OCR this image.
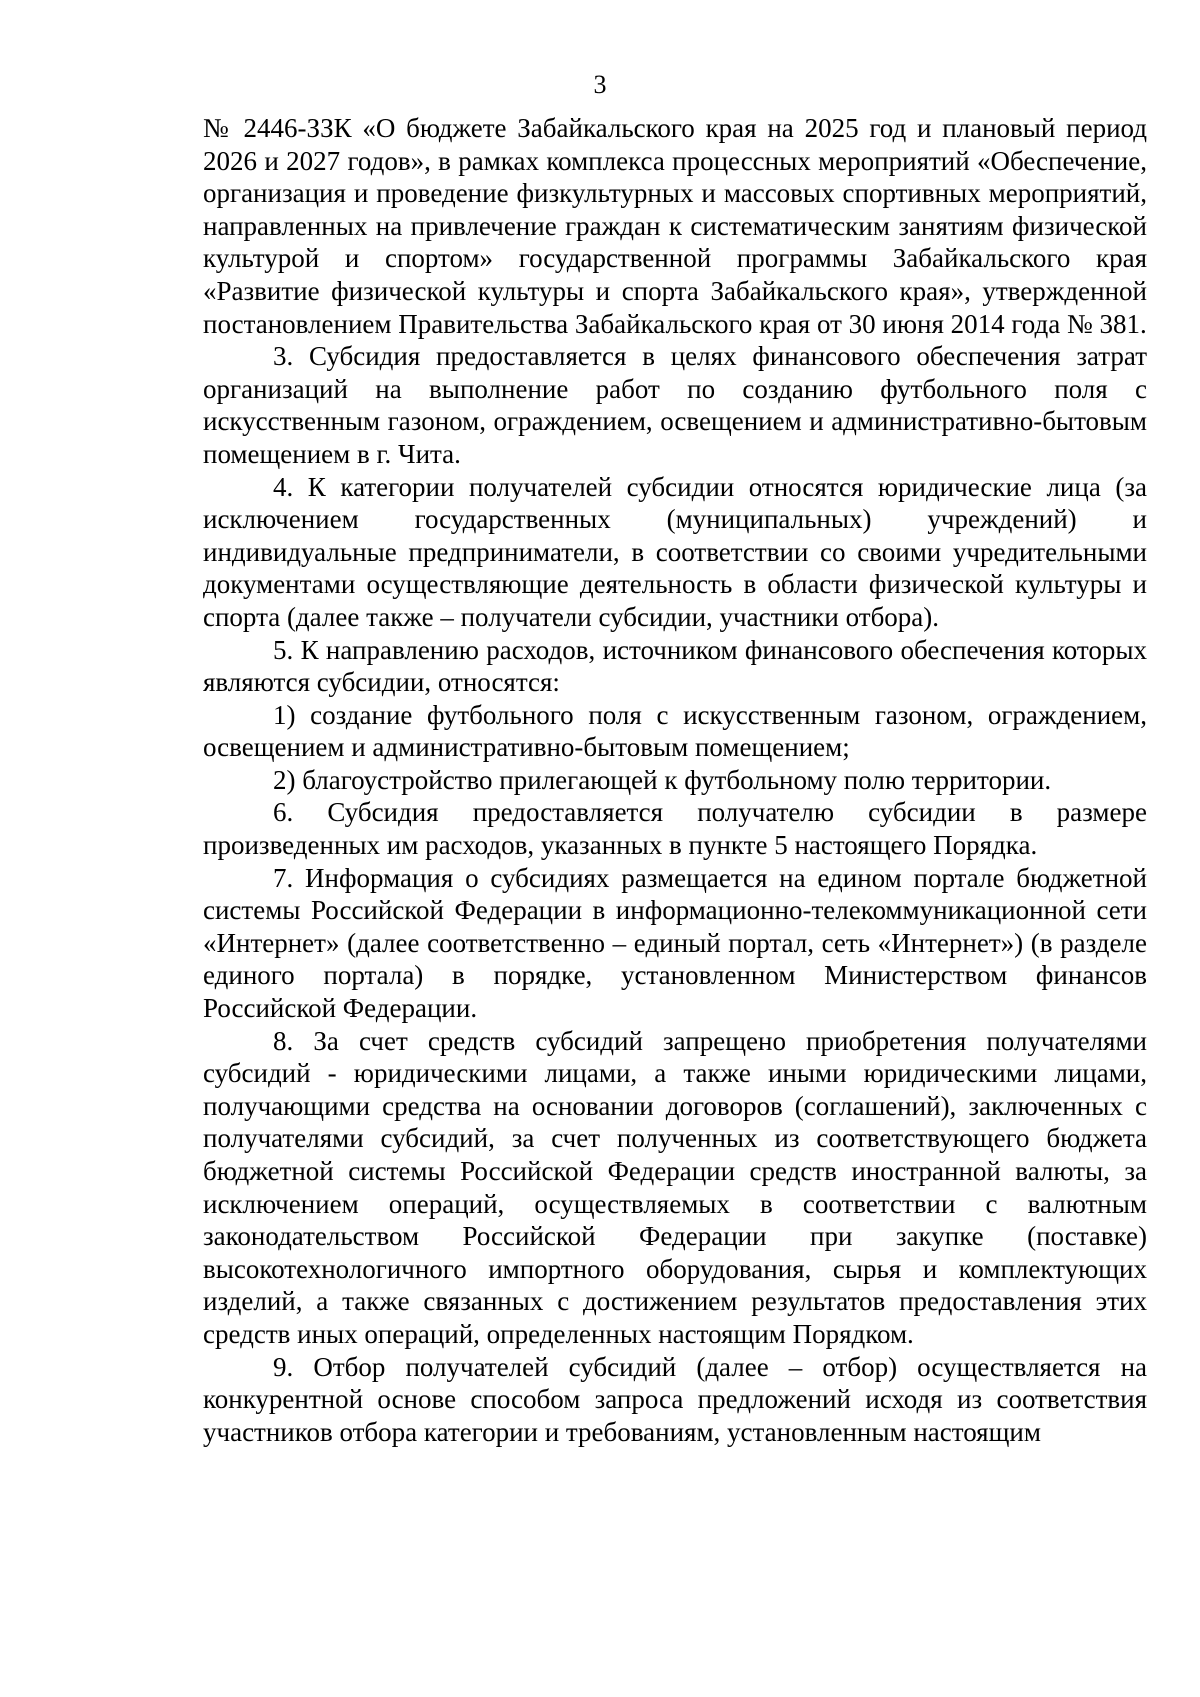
3

№ 2446-ЗЗК «О бюджете Забайкальского края на 2025 год и плановый период 2026 и 2027 годов», в рамках комплекса процессных мероприятий «Обеспечение, организация и проведение физкультурных и массовых спортивных мероприятий, направленных на привлечение граждан к систематическим занятиям физической культурой и спортом» государственной программы Забайкальского края «Развитие физической культуры и спорта Забайкальского края», утвержденной постановлением Правительства Забайкальского края от 30 июня 2014 года № 381.

3. Субсидия предоставляется в целях финансового обеспечения затрат организаций на выполнение работ по созданию футбольного поля с искусственным газоном, ограждением, освещением и административно-бытовым помещением в г. Чита.

4. К категории получателей субсидии относятся юридические лица (за исключением государственных (муниципальных) учреждений) и индивидуальные предприниматели, в соответствии со своими учредительными документами осуществляющие деятельность в области физической культуры и спорта (далее также – получатели субсидии, участники отбора).

5. К направлению расходов, источником финансового обеспечения которых являются субсидии, относятся:

1) создание футбольного поля с искусственным газоном, ограждением, освещением и административно-бытовым помещением;

2) благоустройство прилегающей к футбольному полю территории.

6. Субсидия предоставляется получателю субсидии в размере произведенных им расходов, указанных в пункте 5 настоящего Порядка.

7. Информация о субсидиях размещается на едином портале бюджетной системы Российской Федерации в информационно-телекоммуникационной сети «Интернет» (далее соответственно – единый портал, сеть «Интернет») (в разделе единого портала) в порядке, установленном Министерством финансов Российской Федерации.

8. За счет средств субсидий запрещено приобретения получателями субсидий - юридическими лицами, а также иными юридическими лицами, получающими средства на основании договоров (соглашений), заключенных с получателями субсидий, за счет полученных из соответствующего бюджета бюджетной системы Российской Федерации средств иностранной валюты, за исключением операций, осуществляемых в соответствии с валютным законодательством Российской Федерации при закупке (поставке) высокотехнологичного импортного оборудования, сырья и комплектующих изделий, а также связанных с достижением результатов предоставления этих средств иных операций, определенных настоящим Порядком.

9. Отбор получателей субсидий (далее – отбор) осуществляется на конкурентной основе способом запроса предложений исходя из соответствия участников отбора категории и требованиям, установленным настоящим
